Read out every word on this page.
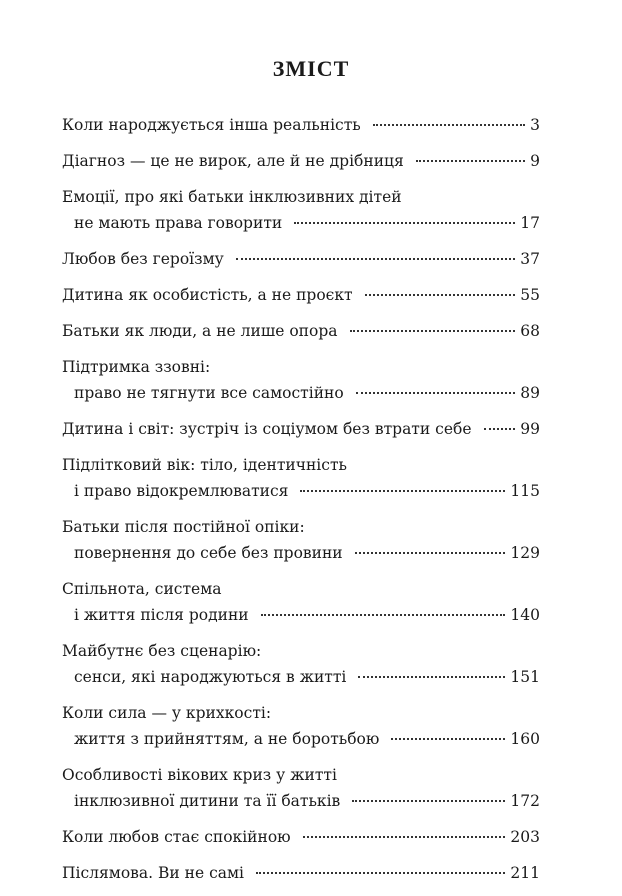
ЗМІСТ
Коли народжується інша реальність	3
Діагноз — це не вирок, але й не дрібниця	9
Емоції, про які батьки інклюзивних дітей
не мають права говорити	17
Любов без героїзму	37
Дитина як особистість, а не проєкт	55
Батьки як люди, а не лише опора	68
Підтримка ззовні:
право не тягнути все самостійно	89
Дитина і світ: зустріч із соціумом без втрати себе	99
Підлітковий вік: тіло, ідентичність
і право відокремлюватися	115
Батьки після постійної опіки:
повернення до себе без провини	129
Спільнота, система
і життя після родини	140
Майбутнє без сценарію:
сенси, які народжуються в житті	151
Коли сила — у крихкості:
життя з прийняттям, а не боротьбою	160
Особливості вікових криз у житті
інклюзивної дитини та її батьків	172
Коли любов стає спокійною	203
Післямова. Ви не самі	211
